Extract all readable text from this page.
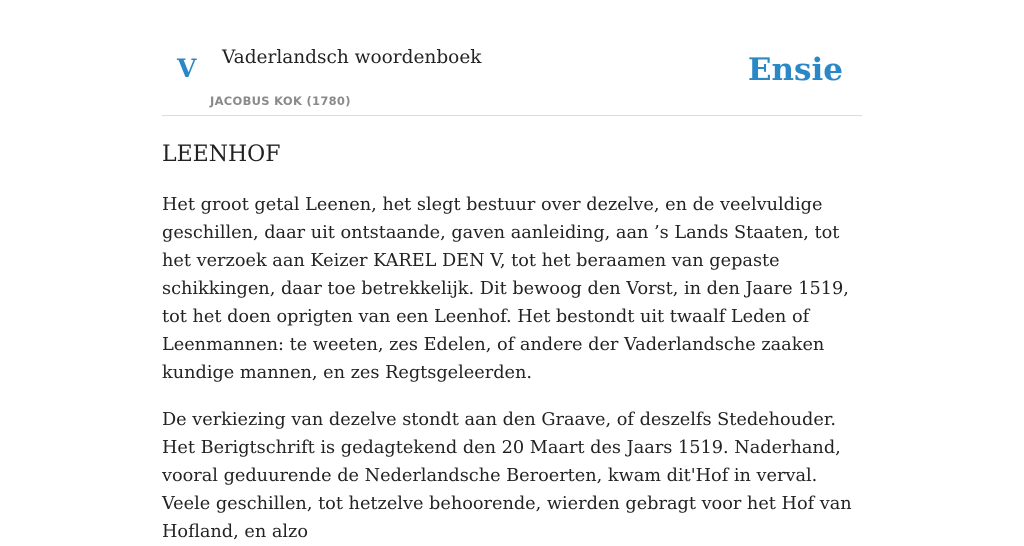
V Vaderlandsch woordenboek
JACOBUS KOK (1780)
Ensie
LEENHOF

Het groot getal Leenen, het slegt bestuur over dezelve, en de veelvuldige geschillen, daar uit ontstaande, gaven aanleiding, aan ’s Lands Staaten, tot het verzoek aan Keizer KAREL DEN V, tot het beraamen van gepaste schikkingen, daar toe betrekkelijk. Dit bewoog den Vorst, in den Jaare 1519, tot het doen oprigten van een Leenhof. Het bestondt uit twaalf Leden of Leenmannen: te weeten, zes Edelen, of andere der Vaderlandsche zaaken kundige mannen, en zes Regtsgeleerden.

De verkiezing van dezelve stondt aan den Graave, of deszelfs Stedehouder. Het Berigtschrift is gedagtekend den 20 Maart des Jaars 1519. Naderhand, vooral geduurende de Nederlandsche Beroerten, kwam dit'Hof in verval. Veele geschillen, tot hetzelve behoorende, wierden gebragt voor het Hof van Hofland, en alzo
